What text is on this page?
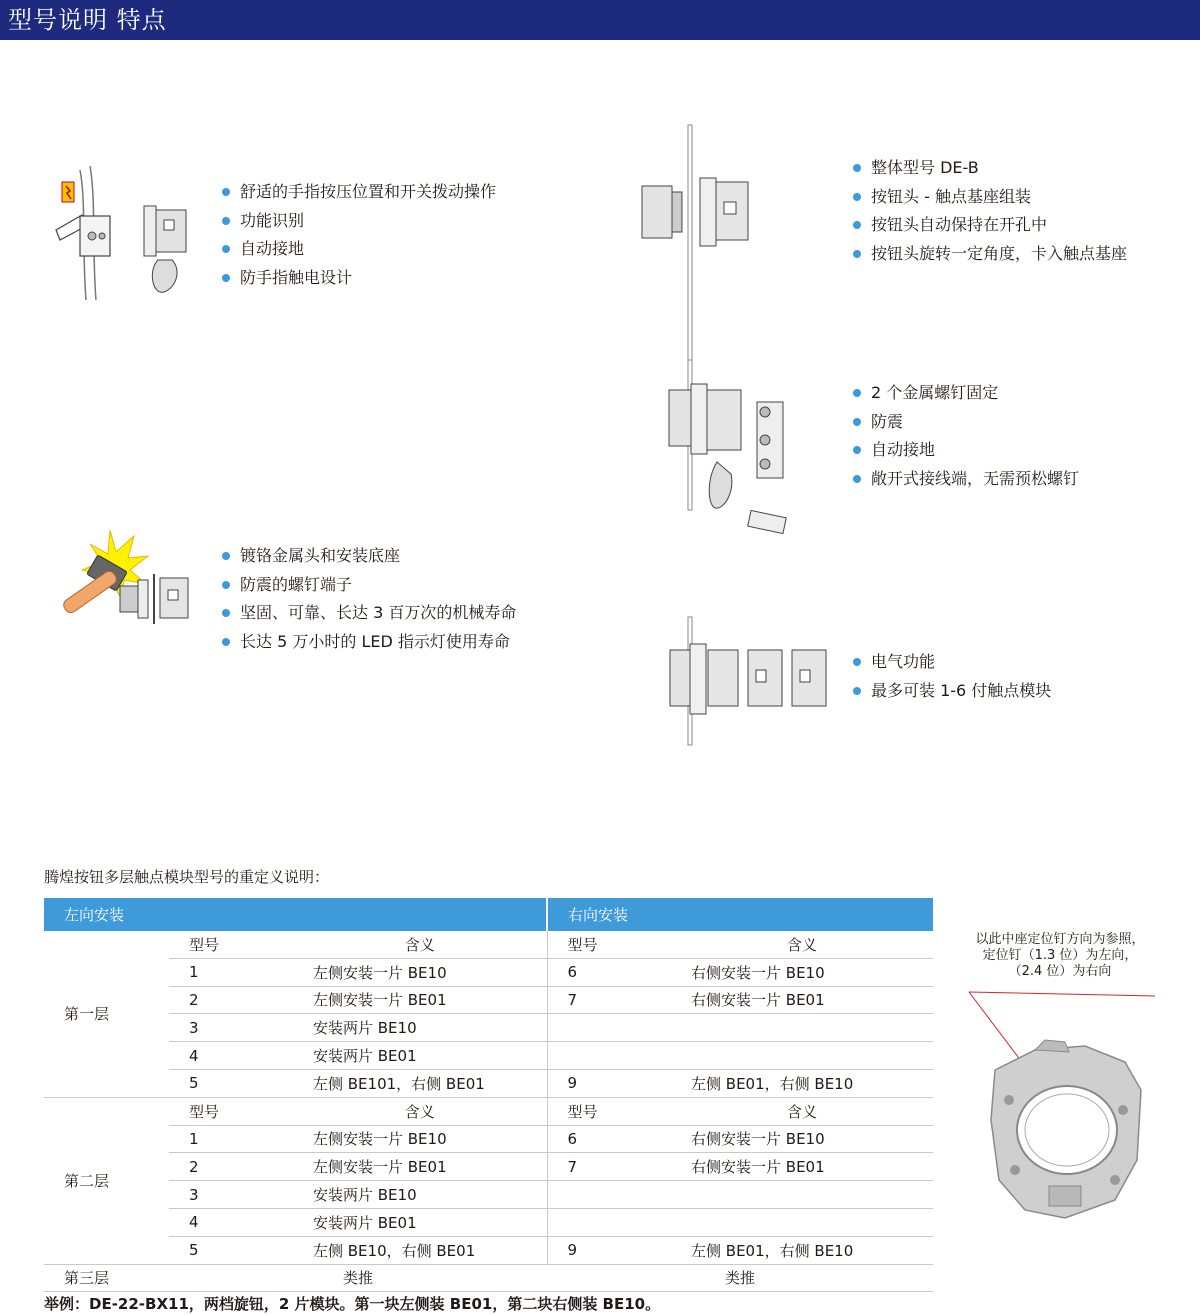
型号说明 特点
舒适的手指按压位置和开关拨动操作
功能识别
自动接地
防手指触电设计
镀铬金属头和安装底座
防震的螺钉端子
坚固、可靠、长达 3 百万次的机械寿命
长达 5 万小时的 LED 指示灯使用寿命
整体型号 DE-B
按钮头 - 触点基座组装
按钮头自动保持在开孔中
按钮头旋转一定角度，卡入触点基座
2 个金属螺钉固定
防震
自动接地
敞开式接线端，无需预松螺钉
电气功能
最多可装 1-6 付触点模块
腾煌按钮多层触点模块型号的重定义说明：
左向安装			右向安装	
第一层	型号	含义	型号	含义
	1	左侧安装一片 BE10	6	右侧安装一片 BE10
	2	左侧安装一片 BE01	7	右侧安装一片 BE01
	3	安装两片 BE10		
	4	安装两片 BE01		
	5	左侧 BE101，右侧 BE01	9	左侧 BE01，右侧 BE10
第二层	型号	含义	型号	含义
	1	左侧安装一片 BE10	6	右侧安装一片 BE10
	2	左侧安装一片 BE01	7	右侧安装一片 BE01
	3	安装两片 BE10		
	4	安装两片 BE01		
	5	左侧 BE10，右侧 BE01	9	左侧 BE01，右侧 BE10
第三层	类推		类推	
举例：DE-22-BX11，两档旋钮，2 片模块。第一块左侧装 BE01，第二块右侧装 BE10。
以此中座定位钉方向为参照，
定位钉（1.3 位）为左向，
（2.4 位）为右向
